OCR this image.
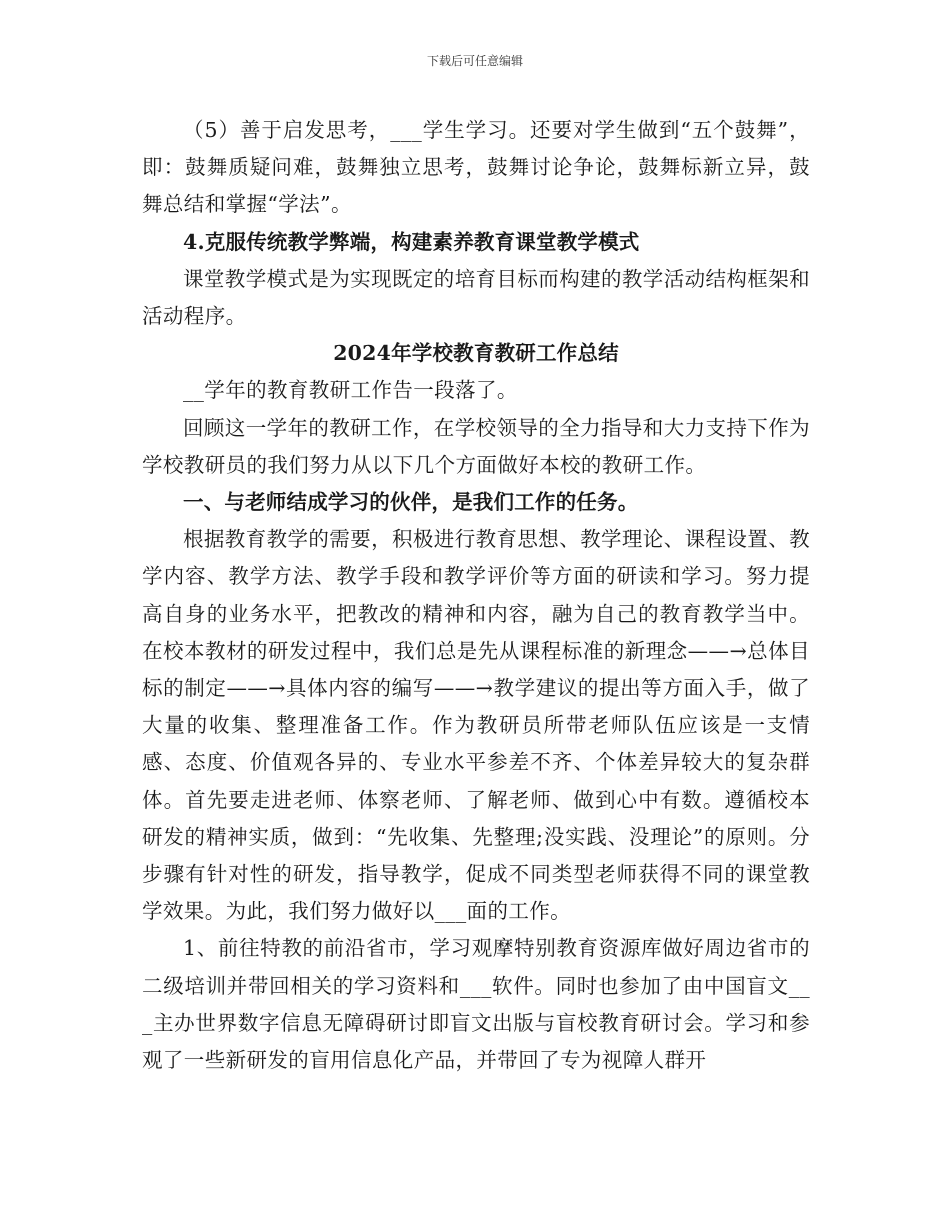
下载后可任意编辑

（5）善于启发思考，___学生学习。还要对学生做到“五个鼓舞”，即：鼓舞质疑问难，鼓舞独立思考，鼓舞讨论争论，鼓舞标新立异，鼓舞总结和掌握“学法”。

4.克服传统教学弊端，构建素养教育课堂教学模式

课堂教学模式是为实现既定的培育目标而构建的教学活动结构框架和活动程序。

2024年学校教育教研工作总结

__学年的教育教研工作告一段落了。

回顾这一学年的教研工作，在学校领导的全力指导和大力支持下作为学校教研员的我们努力从以下几个方面做好本校的教研工作。

一、与老师结成学习的伙伴，是我们工作的任务。

根据教育教学的需要，积极进行教育思想、教学理论、课程设置、教学内容、教学方法、教学手段和教学评价等方面的研读和学习。努力提高自身的业务水平，把教改的精神和内容，融为自己的教育教学当中。在校本教材的研发过程中，我们总是先从课程标准的新理念——→总体目标的制定——→具体内容的编写——→教学建议的提出等方面入手，做了大量的收集、整理准备工作。作为教研员所带老师队伍应该是一支情感、态度、价值观各异的、专业水平参差不齐、个体差异较大的复杂群体。首先要走进老师、体察老师、了解老师、做到心中有数。遵循校本研发的精神实质，做到：“先收集、先整理;没实践、没理论”的原则。分步骤有针对性的研发，指导教学，促成不同类型老师获得不同的课堂教学效果。为此，我们努力做好以___面的工作。

1、前往特教的前沿省市，学习观摩特别教育资源库做好周边省市的二级培训并带回相关的学习资料和___软件。同时也参加了由中国盲文___主办世界数字信息无障碍研讨即盲文出版与盲校教育研讨会。学习和参观了一些新研发的盲用信息化产品，并带回了专为视障人群开
